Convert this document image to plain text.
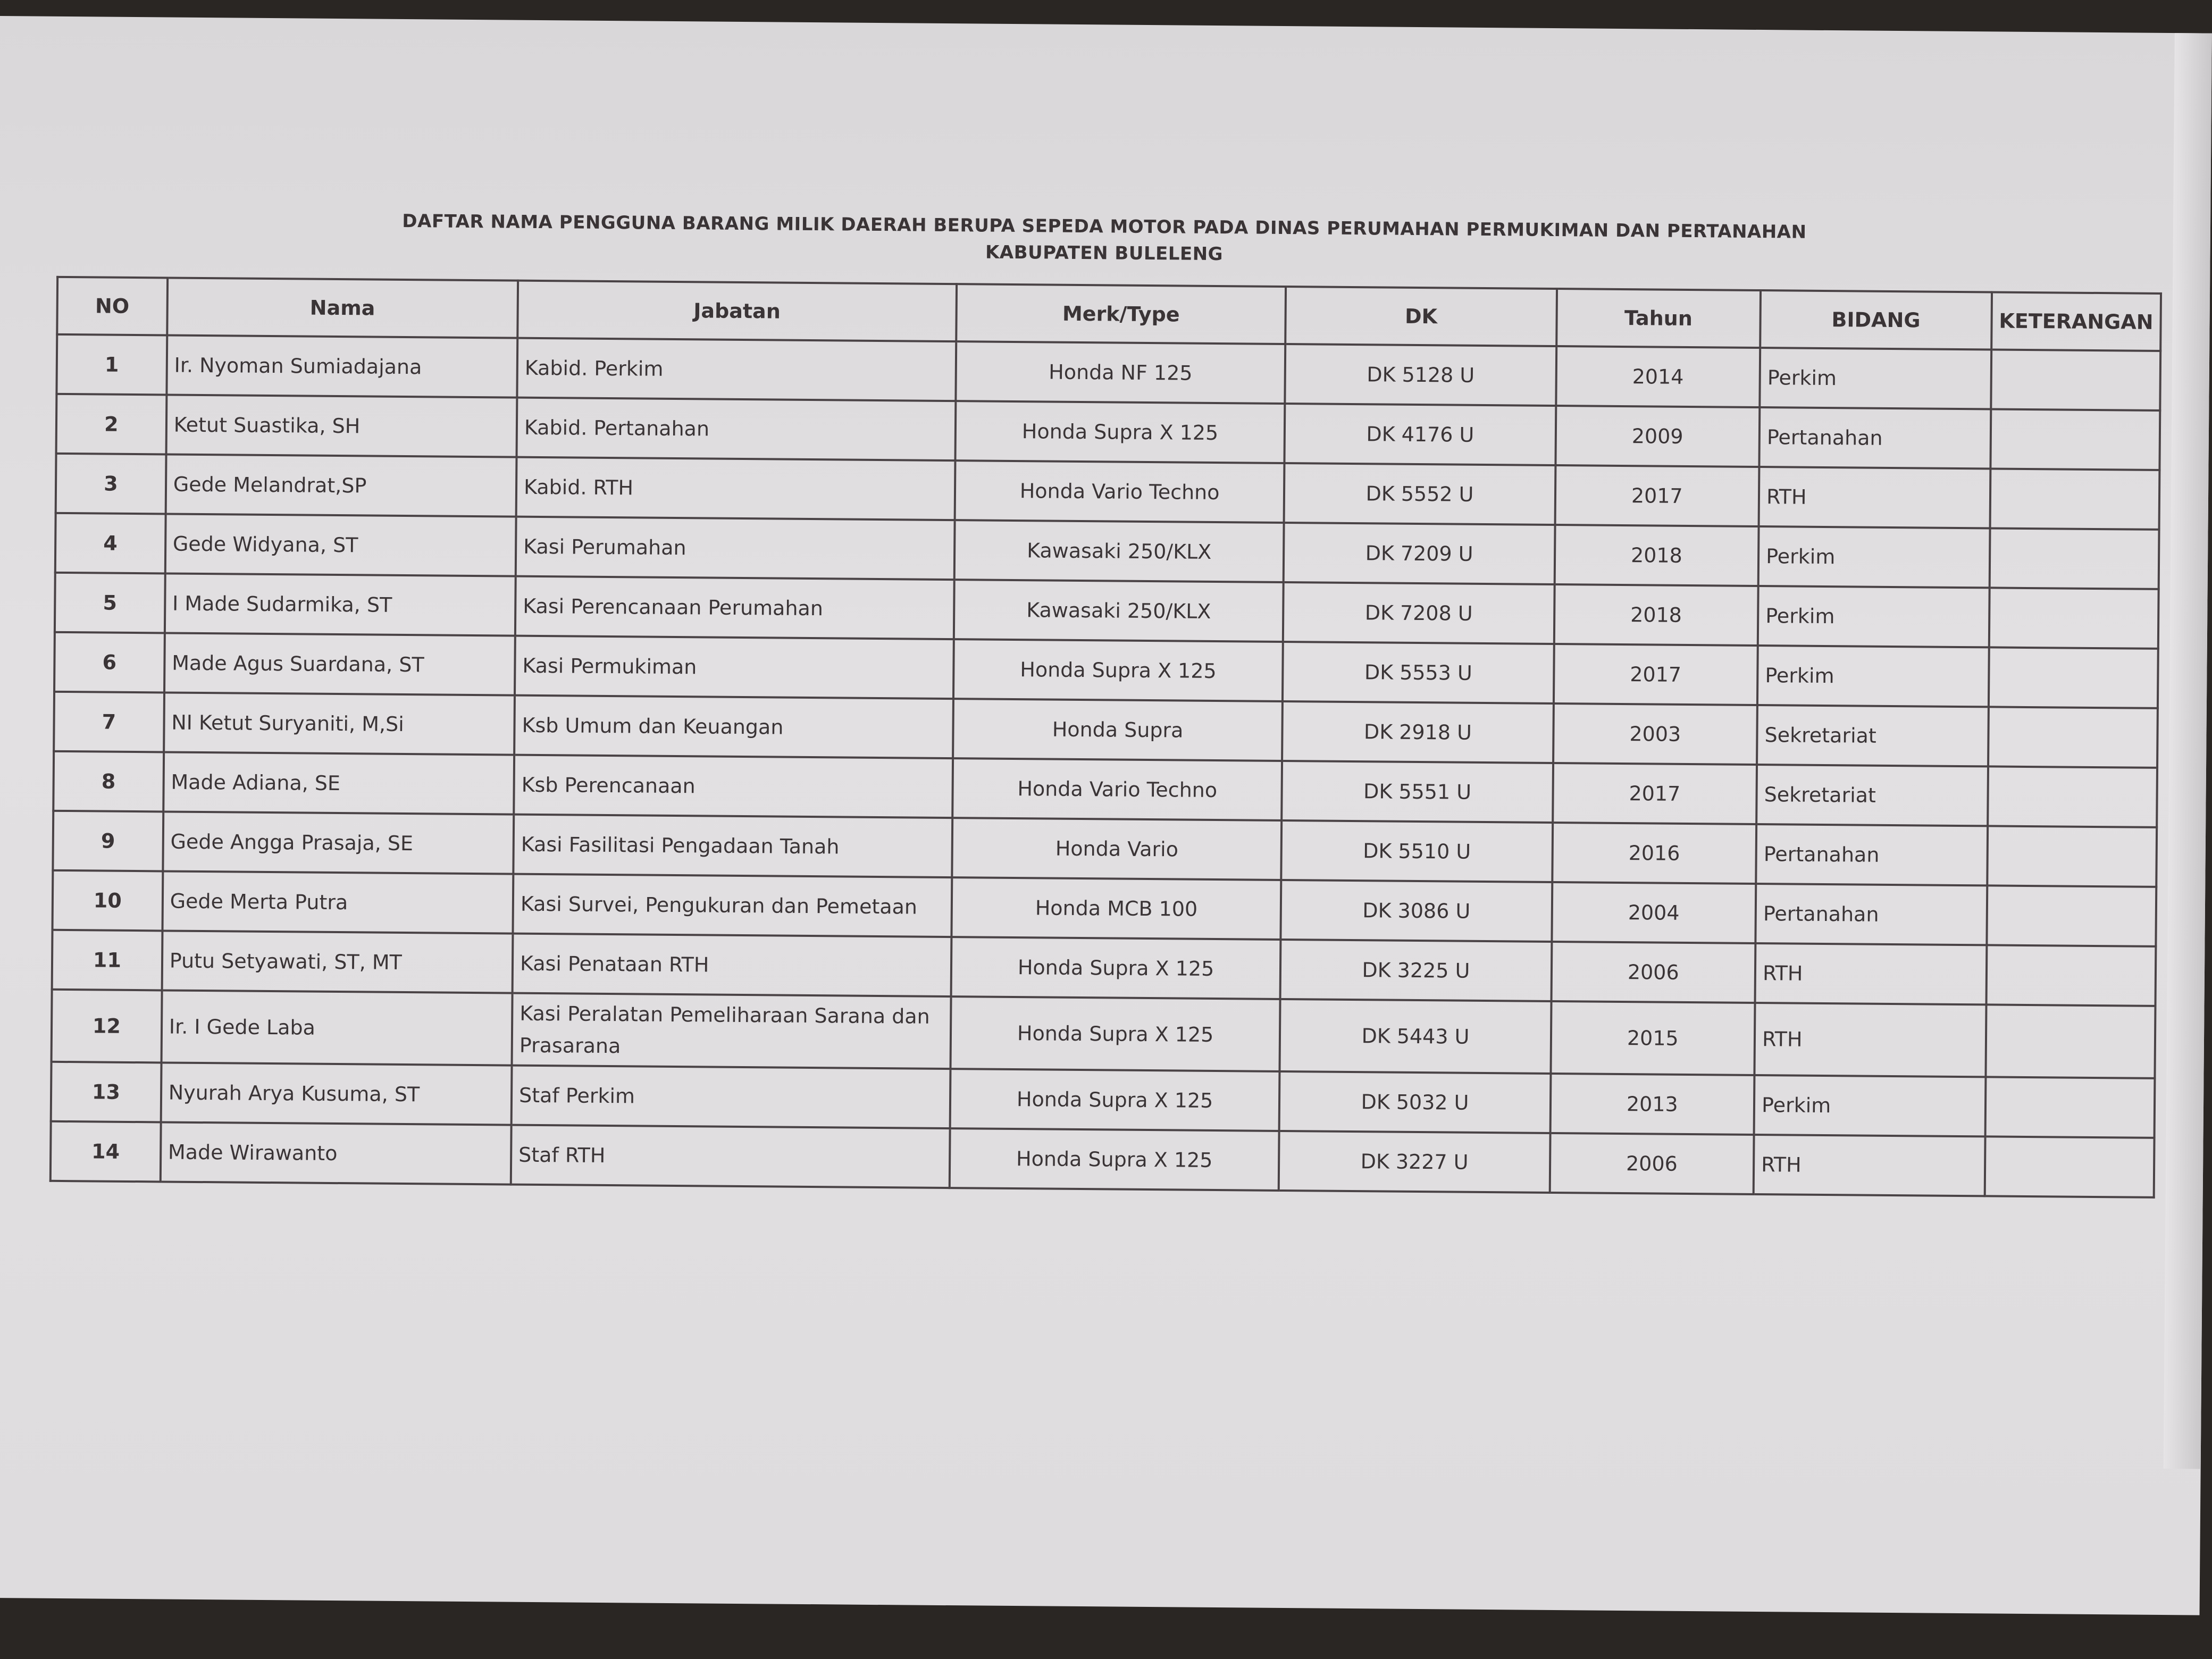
DAFTAR NAMA PENGGUNA BARANG MILIK DAERAH BERUPA SEPEDA MOTOR PADA DINAS PERUMAHAN PERMUKIMAN DAN PERTANAHAN
KABUPATEN BULELENG
NO	Nama	Jabatan	Merk/Type	DK	Tahun	BIDANG	KETERANGAN
1	Ir. Nyoman Sumiadajana	Kabid. Perkim	Honda NF 125	DK 5128 U	2014	Perkim	
2	Ketut Suastika, SH	Kabid. Pertanahan	Honda Supra X 125	DK 4176 U	2009	Pertanahan	
3	Gede Melandrat,SP	Kabid. RTH	Honda Vario Techno	DK 5552 U	2017	RTH	
4	Gede Widyana, ST	Kasi Perumahan	Kawasaki 250/KLX	DK 7209 U	2018	Perkim	
5	I Made Sudarmika, ST	Kasi Perencanaan Perumahan	Kawasaki 250/KLX	DK 7208 U	2018	Perkim	
6	Made Agus Suardana, ST	Kasi Permukiman	Honda Supra X 125	DK 5553 U	2017	Perkim	
7	NI Ketut Suryaniti, M,Si	Ksb Umum dan Keuangan	Honda Supra	DK 2918 U	2003	Sekretariat	
8	Made Adiana, SE	Ksb Perencanaan	Honda Vario Techno	DK 5551 U	2017	Sekretariat	
9	Gede Angga Prasaja, SE	Kasi Fasilitasi Pengadaan Tanah	Honda Vario	DK 5510 U	2016	Pertanahan	
10	Gede Merta Putra	Kasi Survei, Pengukuran dan Pemetaan	Honda MCB 100	DK 3086 U	2004	Pertanahan	
11	Putu Setyawati, ST, MT	Kasi Penataan RTH	Honda Supra X 125	DK 3225 U	2006	RTH	
12	Ir. I Gede Laba	Kasi Peralatan Pemeliharaan Sarana dan Prasarana	Honda Supra X 125	DK 5443 U	2015	RTH	
13	Nyurah Arya Kusuma, ST	Staf Perkim	Honda Supra X 125	DK 5032 U	2013	Perkim	
14	Made Wirawanto	Staf RTH	Honda Supra X 125	DK 3227 U	2006	RTH	
